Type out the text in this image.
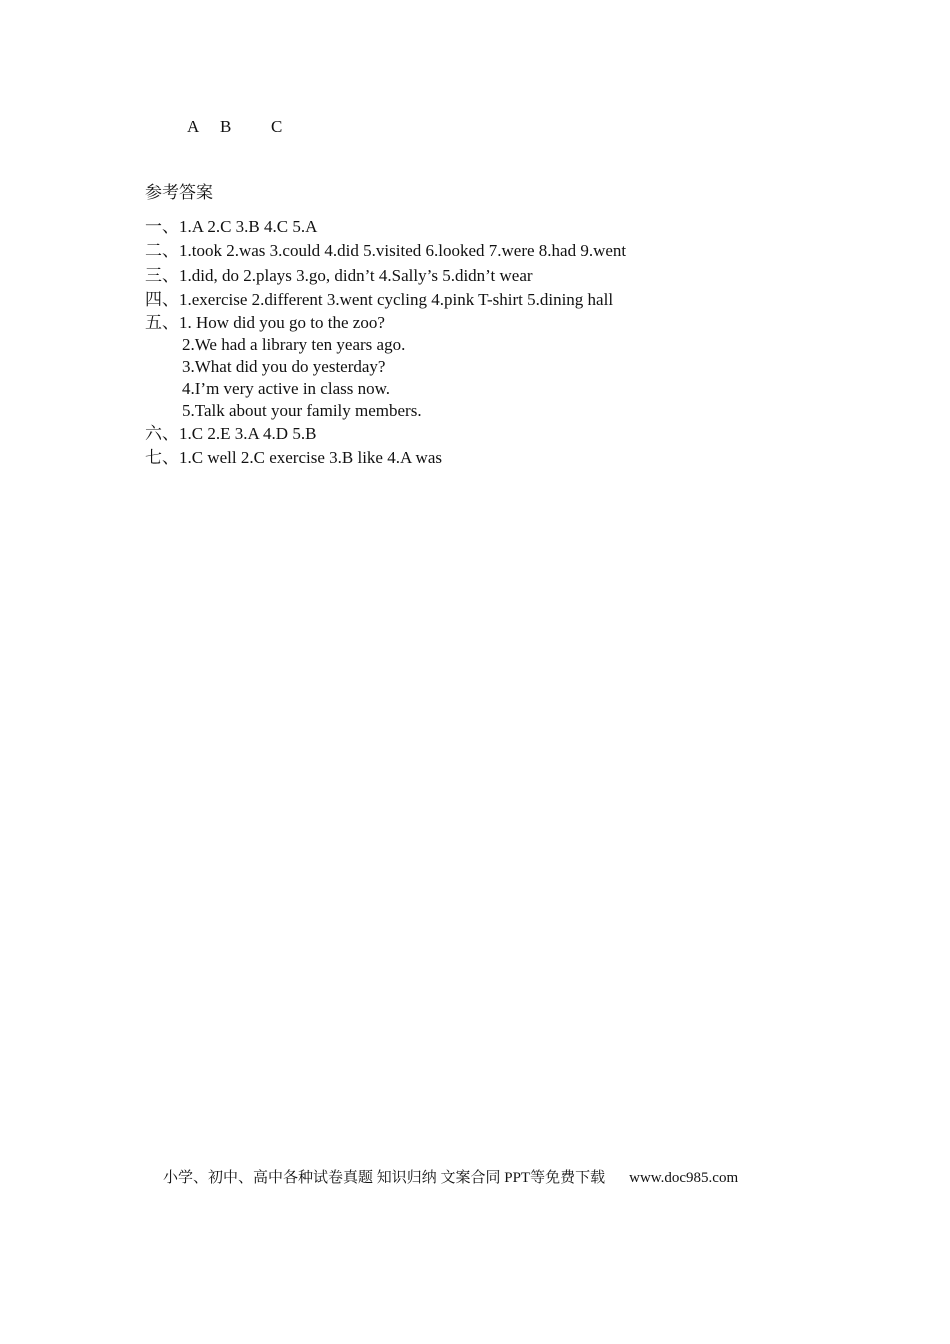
A B C
参考答案
一、1.A 2.C 3.B 4.C 5.A
二、1.took 2.was 3.could 4.did 5.visited 6.looked 7.were 8.had 9.went
三、1.did, do 2.plays 3.go, didn’t 4.Sally’s 5.didn’t wear
四、1.exercise 2.different 3.went cycling 4.pink T-shirt 5.dining hall
五、1. How did you go to the zoo?
2.We had a library ten years ago.
3.What did you do yesterday?
4.I’m very active in class now.
5.Talk about your family members.
六、1.C 2.E 3.A 4.D 5.B
七、1.C well 2.C exercise 3.B like 4.A was
小学、初中、高中各种试卷真题 知识归纳 文案合同 PPT等免费下载 www.doc985.com
